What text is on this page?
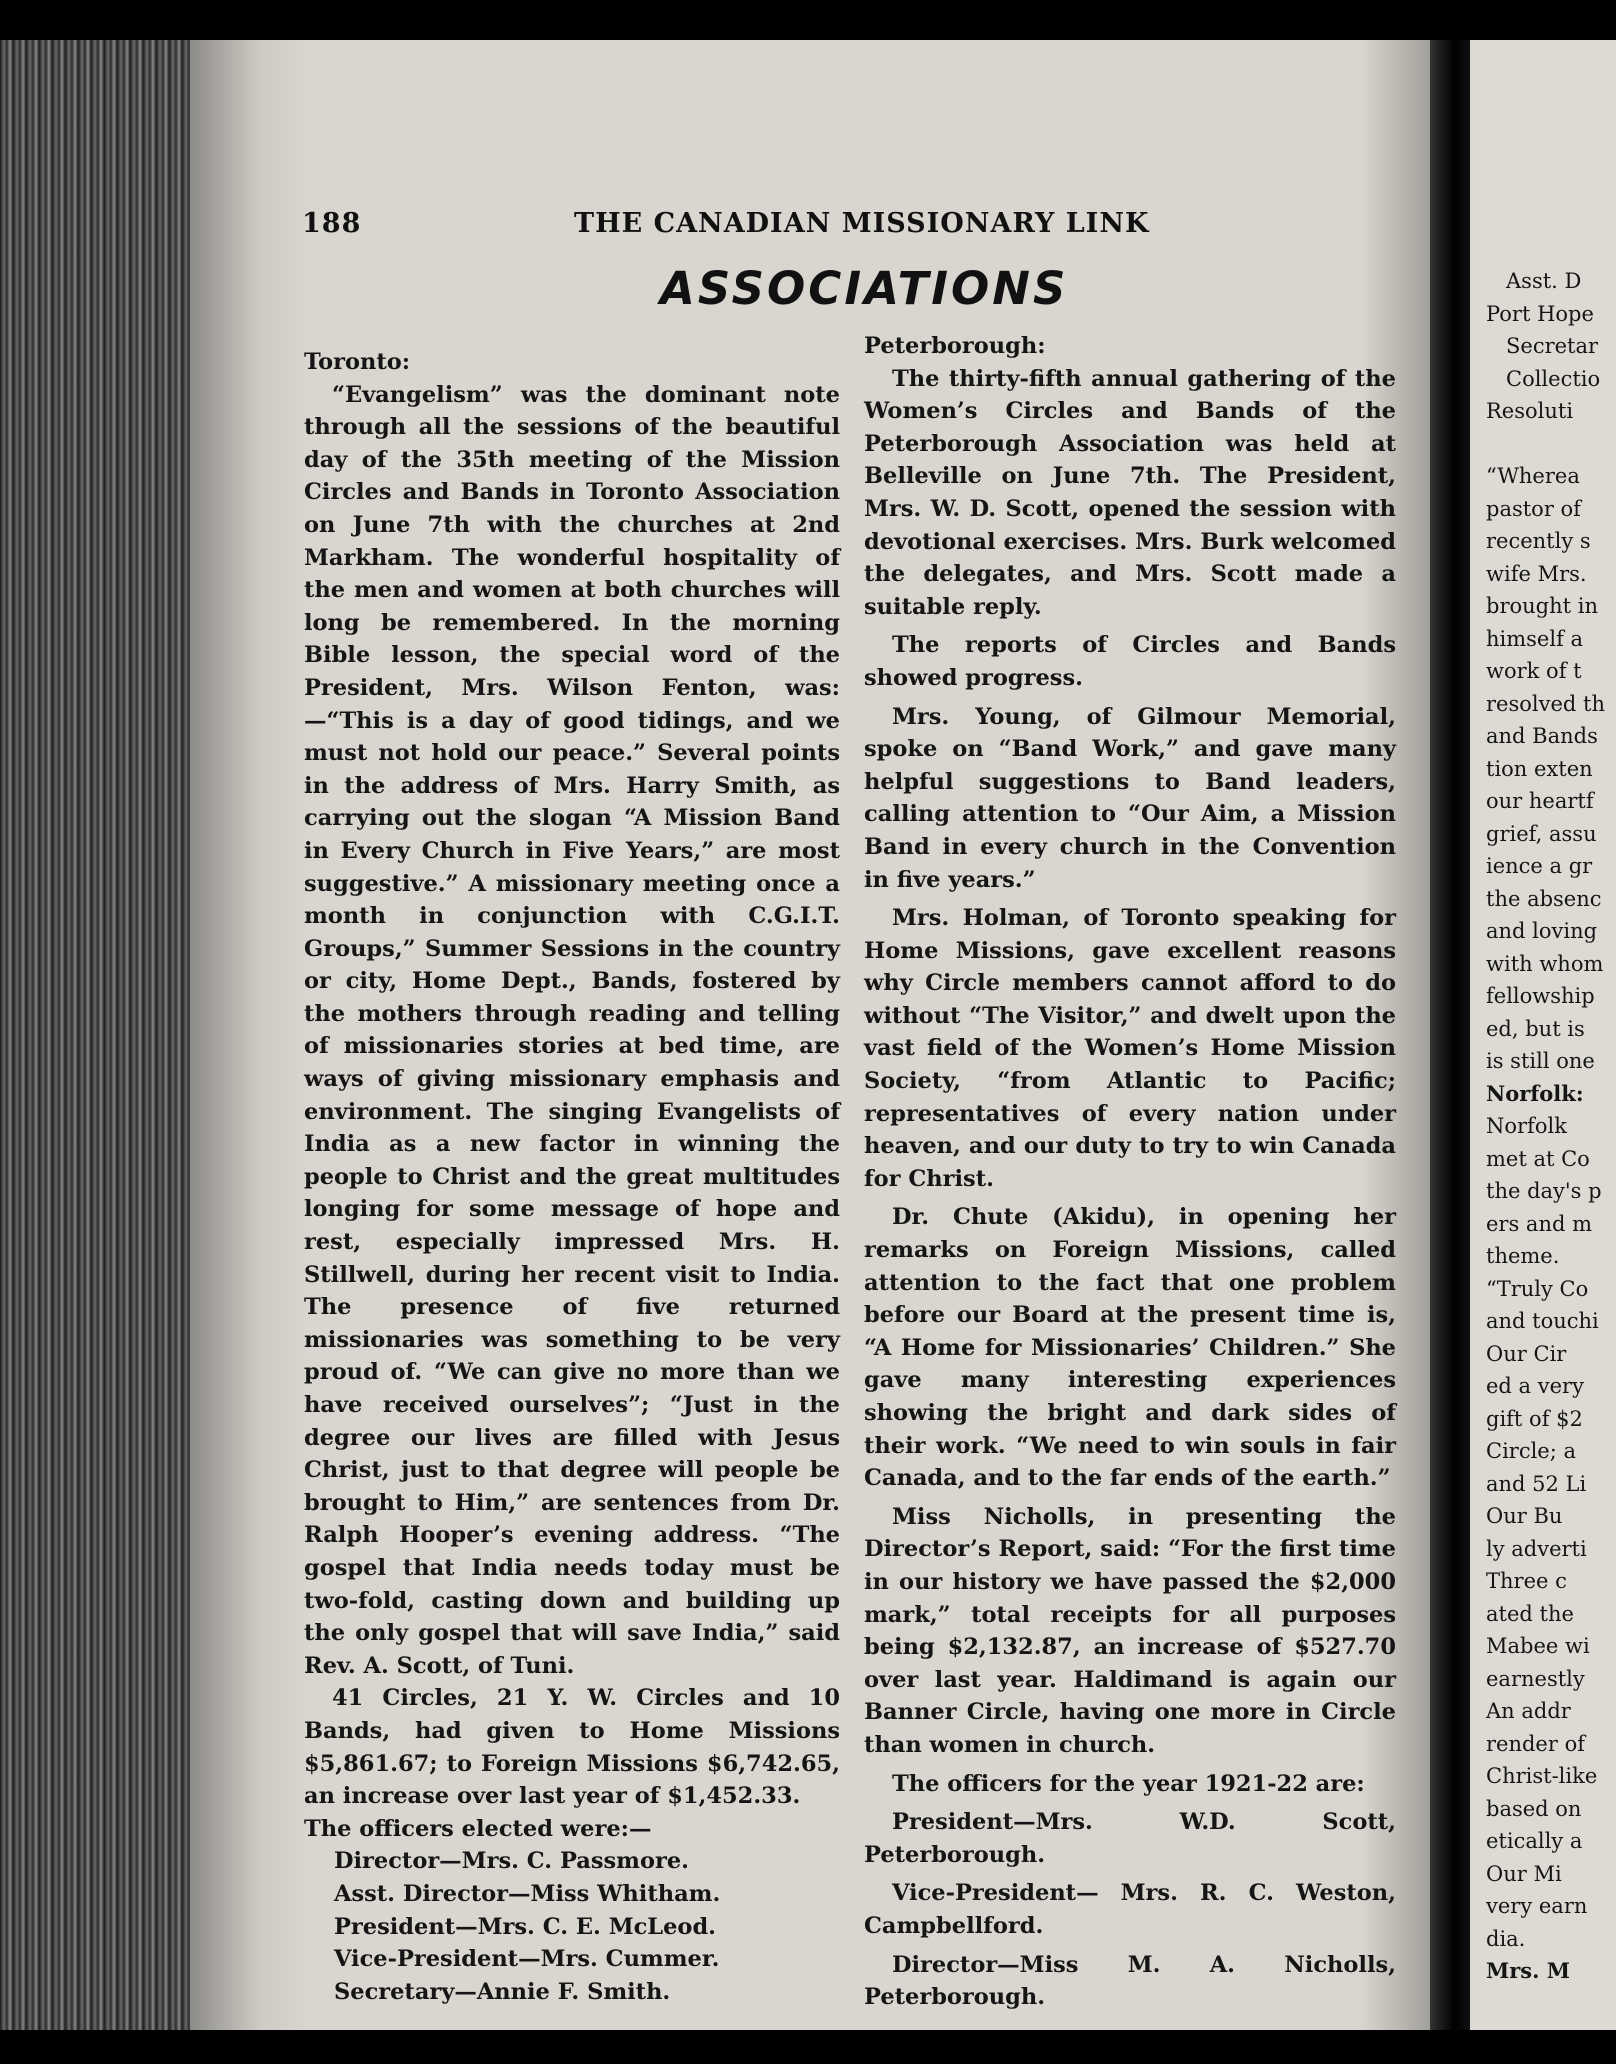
188	THE CANADIAN MISSIONARY LINK
ASSOCIATIONS

Toronto:

“Evangelism” was the dominant note through all the sessions of the beautiful day of the 35th meeting of the Mission Circles and Bands in Toronto Association on June 7th with the churches at 2nd Markham. The wonderful hospitality of the men and women at both churches will long be remembered. In the morning Bible lesson, the special word of the President, Mrs. Wilson Fenton, was:—“This is a day of good tidings, and we must not hold our peace.” Several points in the address of Mrs. Harry Smith, as carrying out the slogan “A Mission Band in Every Church in Five Years,” are most suggestive.” A missionary meeting once a month in conjunction with C.G.I.T. Groups,” Summer Sessions in the country or city, Home Dept., Bands, fostered by the mothers through reading and telling of missionaries stories at bed time, are ways of giving missionary emphasis and environment. The singing Evangelists of India as a new factor in winning the people to Christ and the great multitudes longing for some message of hope and rest, especially impressed Mrs. H. Stillwell, during her recent visit to India. The presence of five returned missionaries was something to be very proud of. “We can give no more than we have received ourselves”; “Just in the degree our lives are filled with Jesus Christ, just to that degree will people be brought to Him,” are sentences from Dr. Ralph Hooper’s evening address. “The gospel that India needs today must be two-fold, casting down and building up the only gospel that will save India,” said Rev. A. Scott, of Tuni.

41 Circles, 21 Y. W. Circles and 10 Bands, had given to Home Missions $5,861.67; to Foreign Missions $6,742.65, an increase over last year of $1,452.33.

The officers elected were:—

Director—Mrs. C. Passmore.

Asst. Director—Miss Whitham.

President—Mrs. C. E. McLeod.

Vice-President—Mrs. Cummer.

Secretary—Annie F. Smith.

Peterborough:

The thirty-fifth annual gathering of the Women’s Circles and Bands of the Peterborough Association was held at Belleville on June 7th. The President, Mrs. W. D. Scott, opened the session with devotional exercises. Mrs. Burk welcomed the delegates, and Mrs. Scott made a suitable reply.

The reports of Circles and Bands showed progress.

Mrs. Young, of Gilmour Memorial, spoke on “Band Work,” and gave many helpful suggestions to Band leaders, calling attention to “Our Aim, a Mission Band in every church in the Convention in five years.”

Mrs. Holman, of Toronto speaking for Home Missions, gave excellent reasons why Circle members cannot afford to do without “The Visitor,” and dwelt upon the vast field of the Women’s Home Mission Society, “from Atlantic to Pacific; representatives of every nation under heaven, and our duty to try to win Canada for Christ.

Dr. Chute (Akidu), in opening her remarks on Foreign Missions, called attention to the fact that one problem before our Board at the present time is, “A Home for Missionaries’ Children.” She gave many interesting experiences showing the bright and dark sides of their work. “We need to win souls in fair Canada, and to the far ends of the earth.”

Miss Nicholls, in presenting the Director’s Report, said: “For the first time in our history we have passed the $2,000 mark,” total receipts for all purposes being $2,132.87, an increase of $527.70 over last year. Haldimand is again our Banner Circle, having one more in Circle than women in church.

The officers for the year 1921-22 are:

President—Mrs. W.D. Scott, Peterborough.

Vice-President— Mrs. R. C. Weston, Campbellford.

Director—Miss M. A. Nicholls, Peterborough.

Asst. D
Port Hope
Secretar
Collectio
Resoluti
“Wherea
pastor of
recently s
wife Mrs.
brought in
himself a
work of t
resolved th
and Bands
tion exten
our heartf
grief, assu
ience a gr
the absenc
and loving
with whom
fellowship
ed, but is
is still one
Norfolk:
Norfolk
met at Co
the day's p
ers and m
theme.
“Truly Co
and touchi
Our Cir
ed a very
gift of $2
Circle; a
and 52 Li
Our Bu
ly adverti
Three c
ated the
Mabee wi
earnestly
An addr
render of
Christ-like
based on
etically a
Our Mi
very earn
dia.
Mrs. M
